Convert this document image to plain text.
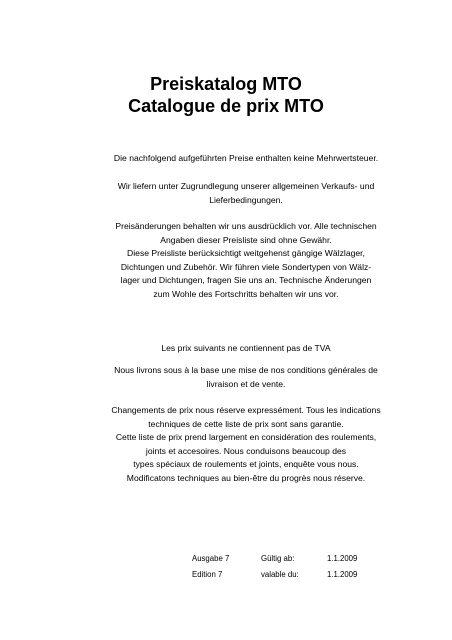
Preiskatalog MTO
Catalogue de prix MTO
Die nachfolgend aufgeführten Preise enthalten keine Mehrwertsteuer.
Wir liefern unter Zugrundlegung unserer allgemeinen Verkaufs- und
Lieferbedingungen.
Preisänderungen behalten wir uns ausdrücklich vor. Alle technischen
Angaben dieser Preisliste sind ohne Gewähr.
Diese Preisliste berücksichtigt weitgehenst gängige Wälzlager,
Dichtungen und Zubehör. Wir führen viele Sondertypen von Wälz-
lager und Dichtungen, fragen Sie uns an. Technische Änderungen
zum Wohle des Fortschritts behalten wir uns vor.
Les prix suivants ne contiennent pas de TVA
Nous livrons sous à la base une mise de nos conditions générales de
livraison et de vente.
Changements de prix nous réserve expressément. Tous les indications
techniques de cette liste de prix sont sans garantie.
Cette liste de prix prend largement en considération des roulements,
joints et accesoires. Nous conduisons beaucoup des
types spéciaux de roulements et joints, enquête vous nous.
Modificatons techniques au bien-être du progrès nous réserve.
Ausgabe 7	Gültig ab:	1.1.2009
Edition 7	valable du:	1.1.2009
